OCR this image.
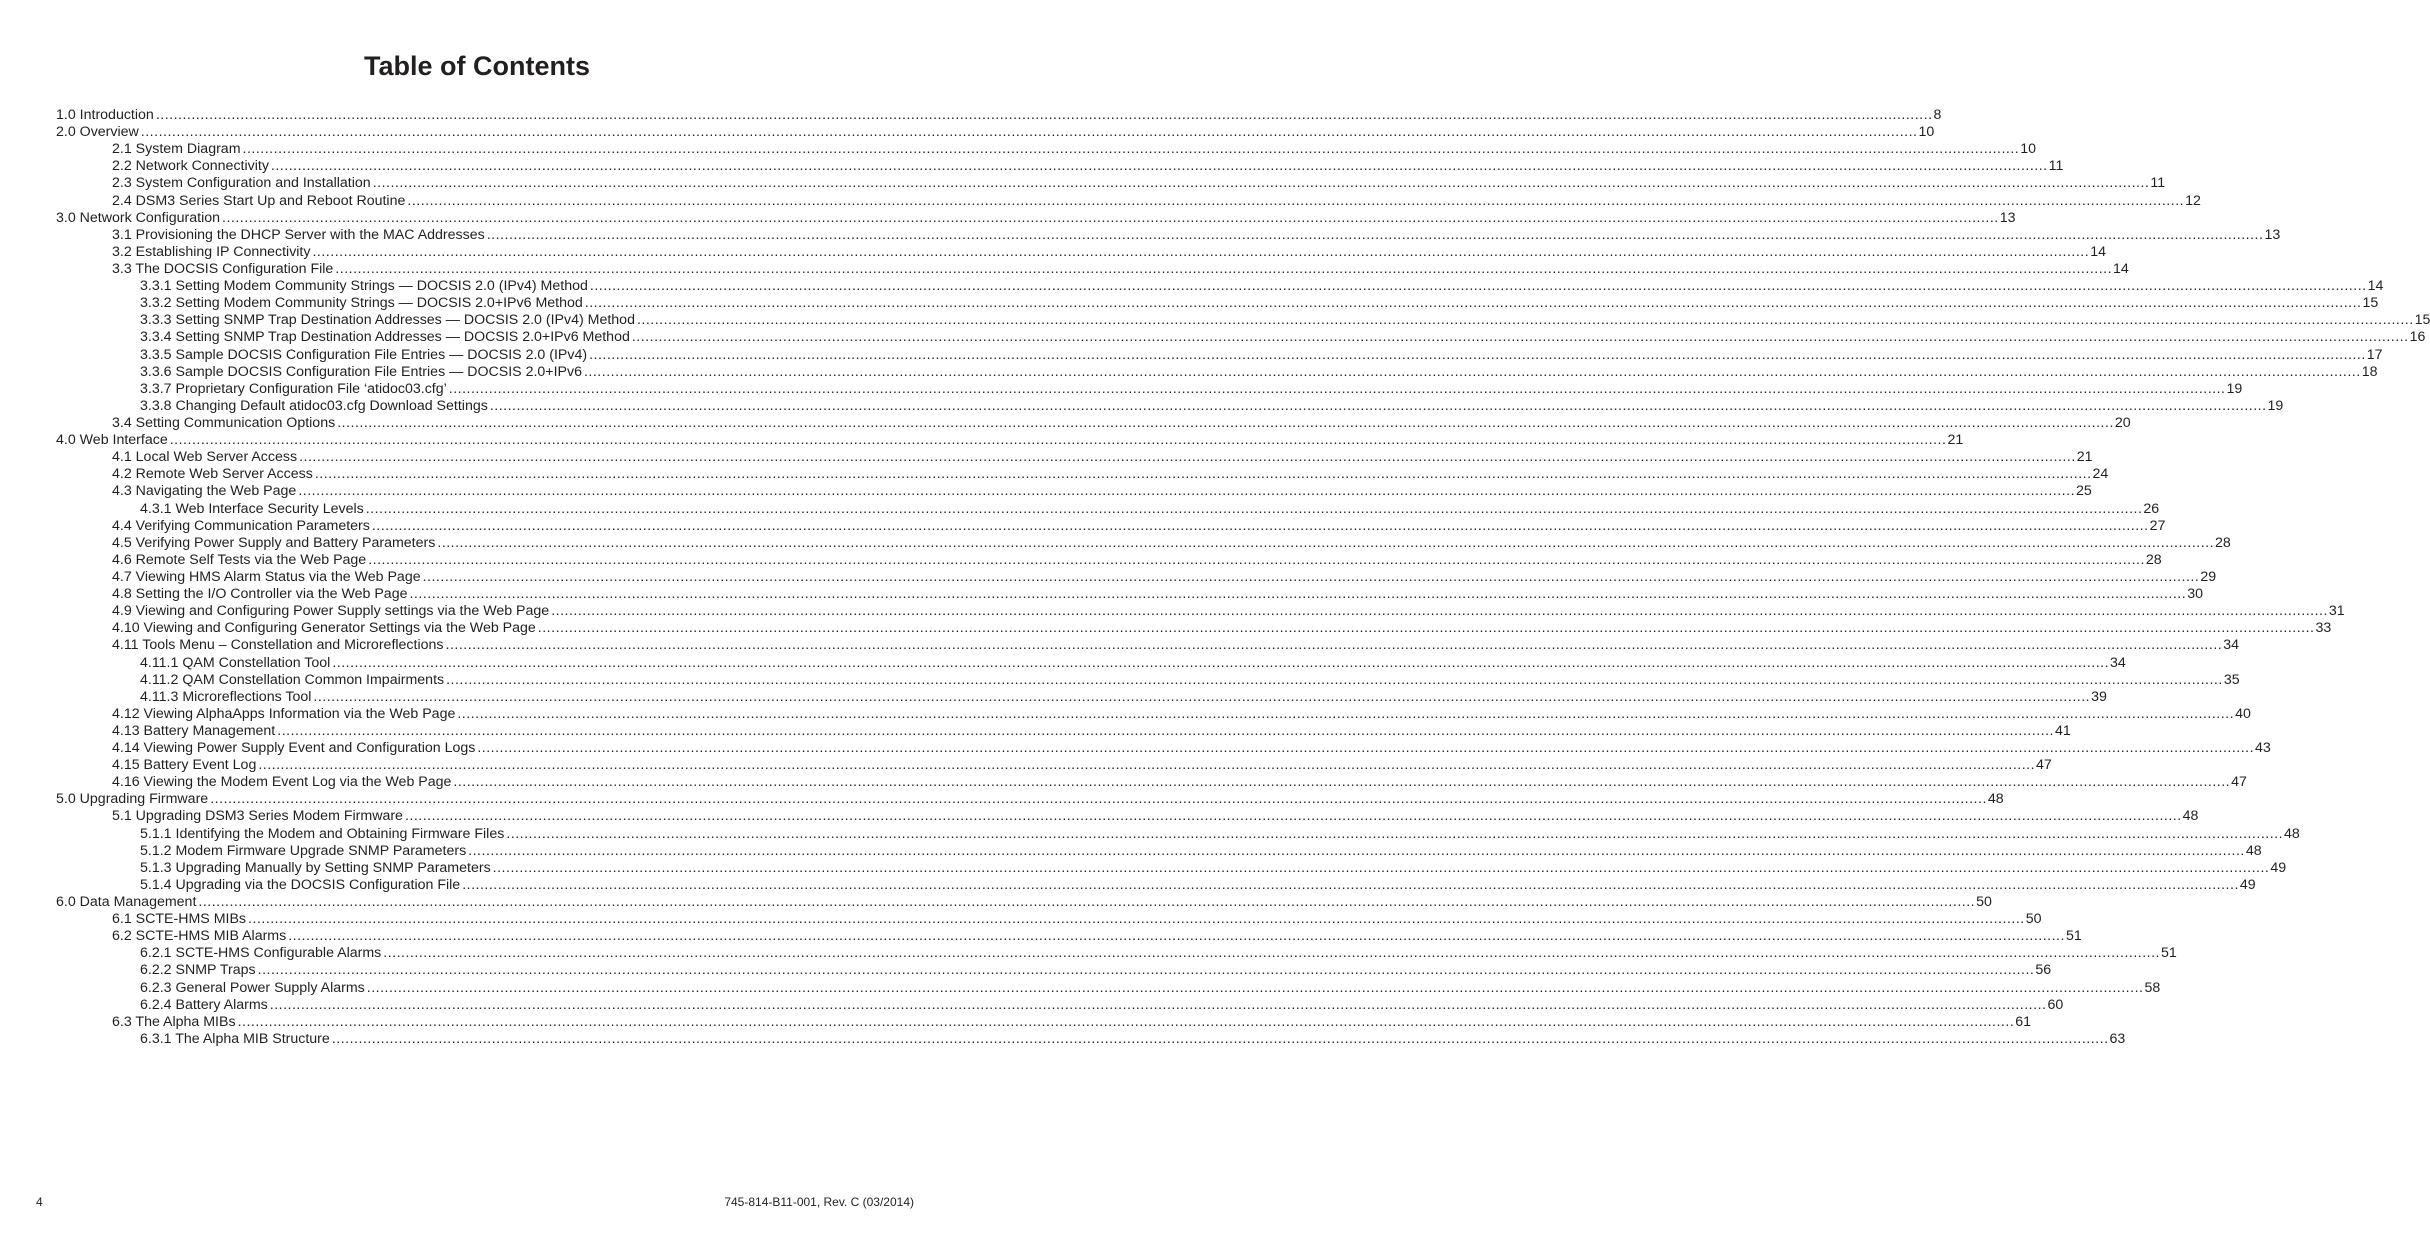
Table of Contents
1.0 Introduction ................................................................................................................................................................................................................................................................................................................................................................................................................ 8
2.0 Overview ................................................................................................................................................................................................................................................................................................................................................................................................................ 10
2.1 System Diagram ................................................................................................................................................................................................................................................................................................................................................................................................................ 10
2.2 Network Connectivity ................................................................................................................................................................................................................................................................................................................................................................................................................ 11
2.3 System Configuration and Installation ................................................................................................................................................................................................................................................................................................................................................................................................................ 11
2.4 DSM3 Series Start Up and Reboot Routine ................................................................................................................................................................................................................................................................................................................................................................................................................ 12
3.0 Network Configuration ................................................................................................................................................................................................................................................................................................................................................................................................................ 13
3.1 Provisioning the DHCP Server with the MAC Addresses ................................................................................................................................................................................................................................................................................................................................................................................................................ 13
3.2 Establishing IP Connectivity ................................................................................................................................................................................................................................................................................................................................................................................................................ 14
3.3 The DOCSIS Configuration File ................................................................................................................................................................................................................................................................................................................................................................................................................ 14
3.3.1 Setting Modem Community Strings — DOCSIS 2.0 (IPv4) Method ................................................................................................................................................................................................................................................................................................................................................................................................................ 14
3.3.2 Setting Modem Community Strings — DOCSIS 2.0+IPv6 Method ................................................................................................................................................................................................................................................................................................................................................................................................................ 15
3.3.3 Setting SNMP Trap Destination Addresses — DOCSIS 2.0 (IPv4) Method ................................................................................................................................................................................................................................................................................................................................................................................................................ 15
3.3.4 Setting SNMP Trap Destination Addresses — DOCSIS 2.0+IPv6 Method ................................................................................................................................................................................................................................................................................................................................................................................................................ 16
3.3.5 Sample DOCSIS Configuration File Entries — DOCSIS 2.0 (IPv4) ................................................................................................................................................................................................................................................................................................................................................................................................................ 17
3.3.6 Sample DOCSIS Configuration File Entries — DOCSIS 2.0+IPv6 ................................................................................................................................................................................................................................................................................................................................................................................................................ 18
3.3.7 Proprietary Configuration File ‘atidoc03.cfg’ ................................................................................................................................................................................................................................................................................................................................................................................................................ 19
3.3.8 Changing Default atidoc03.cfg Download Settings ................................................................................................................................................................................................................................................................................................................................................................................................................ 19
3.4 Setting Communication Options ................................................................................................................................................................................................................................................................................................................................................................................................................ 20
4.0 Web Interface ................................................................................................................................................................................................................................................................................................................................................................................................................ 21
4.1 Local Web Server Access ................................................................................................................................................................................................................................................................................................................................................................................................................ 21
4.2 Remote Web Server Access ................................................................................................................................................................................................................................................................................................................................................................................................................ 24
4.3 Navigating the Web Page ................................................................................................................................................................................................................................................................................................................................................................................................................ 25
4.3.1 Web Interface Security Levels ................................................................................................................................................................................................................................................................................................................................................................................................................ 26
4.4 Verifying Communication Parameters ................................................................................................................................................................................................................................................................................................................................................................................................................ 27
4.5 Verifying Power Supply and Battery Parameters ................................................................................................................................................................................................................................................................................................................................................................................................................ 28
4.6 Remote Self Tests via the Web Page ................................................................................................................................................................................................................................................................................................................................................................................................................ 28
4.7 Viewing HMS Alarm Status via the Web Page ................................................................................................................................................................................................................................................................................................................................................................................................................ 29
4.8 Setting the I/O Controller via the Web Page ................................................................................................................................................................................................................................................................................................................................................................................................................ 30
4.9 Viewing and Configuring Power Supply settings via the Web Page ................................................................................................................................................................................................................................................................................................................................................................................................................ 31
4.10 Viewing and Configuring Generator Settings via the Web Page ................................................................................................................................................................................................................................................................................................................................................................................................................ 33
4.11 Tools Menu – Constellation and Microreflections ................................................................................................................................................................................................................................................................................................................................................................................................................ 34
4.11.1 QAM Constellation Tool ................................................................................................................................................................................................................................................................................................................................................................................................................ 34
4.11.2 QAM Constellation Common Impairments ................................................................................................................................................................................................................................................................................................................................................................................................................ 35
4.11.3 Microreflections Tool ................................................................................................................................................................................................................................................................................................................................................................................................................ 39
4.12 Viewing AlphaApps Information via the Web Page ................................................................................................................................................................................................................................................................................................................................................................................................................ 40
4.13 Battery Management ................................................................................................................................................................................................................................................................................................................................................................................................................ 41
4.14 Viewing Power Supply Event and Configuration Logs ................................................................................................................................................................................................................................................................................................................................................................................................................ 43
4.15 Battery Event Log ................................................................................................................................................................................................................................................................................................................................................................................................................ 47
4.16 Viewing the Modem Event Log via the Web Page ................................................................................................................................................................................................................................................................................................................................................................................................................ 47
5.0 Upgrading Firmware ................................................................................................................................................................................................................................................................................................................................................................................................................ 48
5.1 Upgrading DSM3 Series Modem Firmware ................................................................................................................................................................................................................................................................................................................................................................................................................ 48
5.1.1 Identifying the Modem and Obtaining Firmware Files ................................................................................................................................................................................................................................................................................................................................................................................................................ 48
5.1.2 Modem Firmware Upgrade SNMP Parameters ................................................................................................................................................................................................................................................................................................................................................................................................................ 48
5.1.3 Upgrading Manually by Setting SNMP Parameters ................................................................................................................................................................................................................................................................................................................................................................................................................ 49
5.1.4 Upgrading via the DOCSIS Configuration File ................................................................................................................................................................................................................................................................................................................................................................................................................ 49
6.0 Data Management ................................................................................................................................................................................................................................................................................................................................................................................................................ 50
6.1 SCTE-HMS MIBs ................................................................................................................................................................................................................................................................................................................................................................................................................ 50
6.2 SCTE-HMS MIB Alarms ................................................................................................................................................................................................................................................................................................................................................................................................................ 51
6.2.1 SCTE-HMS Configurable Alarms ................................................................................................................................................................................................................................................................................................................................................................................................................ 51
6.2.2 SNMP Traps ................................................................................................................................................................................................................................................................................................................................................................................................................ 56
6.2.3 General Power Supply Alarms ................................................................................................................................................................................................................................................................................................................................................................................................................ 58
6.2.4 Battery Alarms ................................................................................................................................................................................................................................................................................................................................................................................................................ 60
6.3 The Alpha MIBs ................................................................................................................................................................................................................................................................................................................................................................................................................ 61
6.3.1 The Alpha MIB Structure ................................................................................................................................................................................................................................................................................................................................................................................................................ 63
4	745-814-B11-001, Rev. C (03/2014)
